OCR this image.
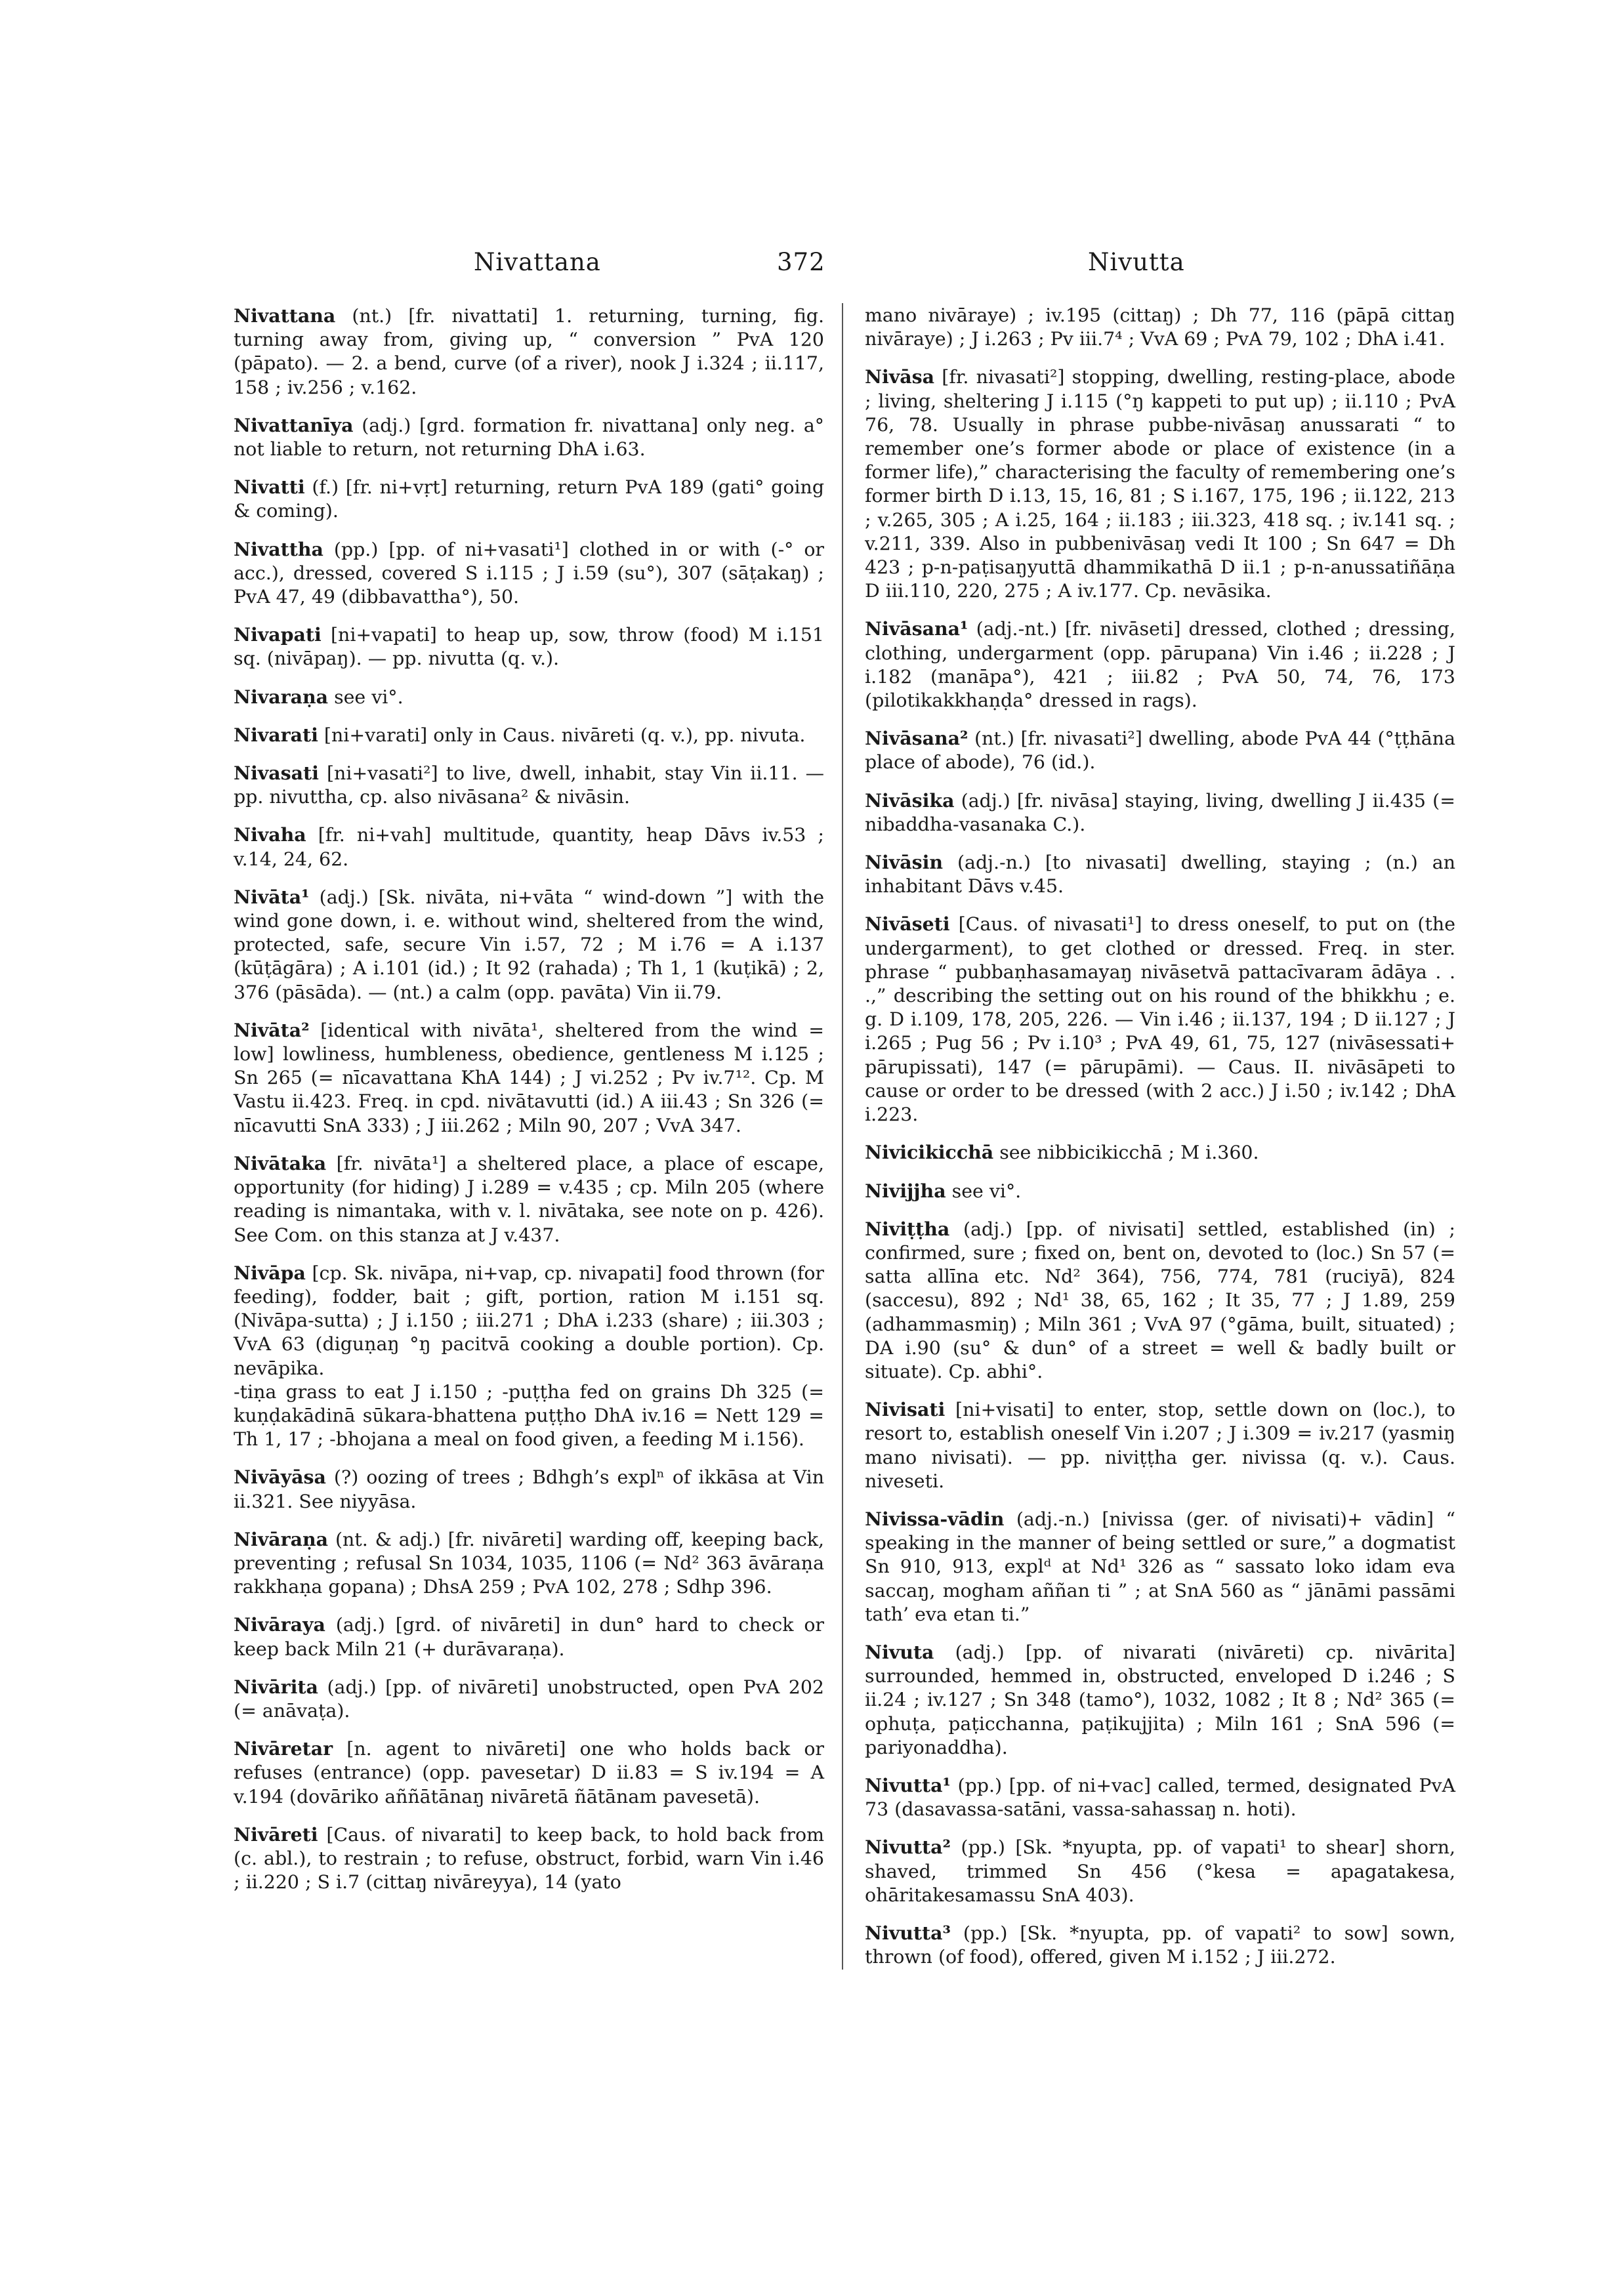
Nivattana	372	Nivutta

Nivattana (nt.) [fr. nivattati] 1. returning, turning, fig. turning away from, giving up, “ conversion ” PvA 120 (pāpato). — 2. a bend, curve (of a river), nook J i.324 ; ii.117, 158 ; iv.256 ; v.162.

Nivattanīya (adj.) [grd. formation fr. nivattana] only neg. a° not liable to return, not returning DhA i.63.

Nivatti (f.) [fr. ni+vṛt] returning, return PvA 189 (gati° going & coming).

Nivattha (pp.) [pp. of ni+vasati¹] clothed in or with (-° or acc.), dressed, covered S i.115 ; J i.59 (su°), 307 (sāṭakaŋ) ; PvA 47, 49 (dibbavattha°), 50.

Nivapati [ni+vapati] to heap up, sow, throw (food) M i.151 sq. (nivāpaŋ). — pp. nivutta (q. v.).

Nivaraṇa see vi°.

Nivarati [ni+varati] only in Caus. nivāreti (q. v.), pp. nivuta.

Nivasati [ni+vasati²] to live, dwell, inhabit, stay Vin ii.11. — pp. nivuttha, cp. also nivāsana² & nivāsin.

Nivaha [fr. ni+vah] multitude, quantity, heap Dāvs iv.53 ; v.14, 24, 62.

Nivāta¹ (adj.) [Sk. nivāta, ni+vāta “ wind-down ”] with the wind gone down, i. e. without wind, sheltered from the wind, protected, safe, secure Vin i.57, 72 ; M i.76 = A i.137 (kūṭāgāra) ; A i.101 (id.) ; It 92 (rahada) ; Th 1, 1 (kuṭikā) ; 2, 376 (pāsāda). — (nt.) a calm (opp. pavāta) Vin ii.79.

Nivāta² [identical with nivāta¹, sheltered from the wind = low] lowliness, humbleness, obedience, gentleness M i.125 ; Sn 265 (= nīcavattana KhA 144) ; J vi.252 ; Pv iv.7¹². Cp. M Vastu ii.423. Freq. in cpd. nivātavutti (id.) A iii.43 ; Sn 326 (= nīcavutti SnA 333) ; J iii.262 ; Miln 90, 207 ; VvA 347.

Nivātaka [fr. nivāta¹] a sheltered place, a place of escape, opportunity (for hiding) J i.289 = v.435 ; cp. Miln 205 (where reading is nimantaka, with v. l. nivātaka, see note on p. 426). See Com. on this stanza at J v.437.

Nivāpa [cp. Sk. nivāpa, ni+vap, cp. nivapati] food thrown (for feeding), fodder, bait ; gift, portion, ration M i.151 sq. (Nivāpa-sutta) ; J i.150 ; iii.271 ; DhA i.233 (share) ; iii.303 ; VvA 63 (diguṇaŋ °ŋ pacitvā cooking a double portion). Cp. nevāpika.

-tiṇa grass to eat J i.150 ; -puṭṭha fed on grains Dh 325 (= kuṇḍakādinā sūkara-bhattena puṭṭho DhA iv.16 = Nett 129 = Th 1, 17 ; -bhojana a meal on food given, a feeding M i.156).

Nivāyāsa (?) oozing of trees ; Bdhgh’s explⁿ of ikkāsa at Vin ii.321. See niyyāsa.

Nivāraṇa (nt. & adj.) [fr. nivāreti] warding off, keeping back, preventing ; refusal Sn 1034, 1035, 1106 (= Nd² 363 āvāraṇa rakkhaṇa gopana) ; DhsA 259 ; PvA 102, 278 ; Sdhp 396.

Nivāraya (adj.) [grd. of nivāreti] in dun° hard to check or keep back Miln 21 (+ durāvaraṇa).

Nivārita (adj.) [pp. of nivāreti] unobstructed, open PvA 202 (= anāvaṭa).

Nivāretar [n. agent to nivāreti] one who holds back or refuses (entrance) (opp. pavesetar) D ii.83 = S iv.194 = A v.194 (dovāriko aññātānaŋ nivāretā ñātānam pavesetā).

Nivāreti [Caus. of nivarati] to keep back, to hold back from (c. abl.), to restrain ; to refuse, obstruct, forbid, warn Vin i.46 ; ii.220 ; S i.7 (cittaŋ nivāreyya), 14 (yato

mano nivāraye) ; iv.195 (cittaŋ) ; Dh 77, 116 (pāpā cittaŋ nivāraye) ; J i.263 ; Pv iii.7⁴ ; VvA 69 ; PvA 79, 102 ; DhA i.41.

Nivāsa [fr. nivasati²] stopping, dwelling, resting-place, abode ; living, sheltering J i.115 (°ŋ kappeti to put up) ; ii.110 ; PvA 76, 78. Usually in phrase pubbe-nivāsaŋ anussarati “ to remember one’s former abode or place of existence (in a former life),” characterising the faculty of remembering one’s former birth D i.13, 15, 16, 81 ; S i.167, 175, 196 ; ii.122, 213 ; v.265, 305 ; A i.25, 164 ; ii.183 ; iii.323, 418 sq. ; iv.141 sq. ; v.211, 339. Also in pubbenivāsaŋ vedi It 100 ; Sn 647 = Dh 423 ; p-n-paṭisaŋyuttā dhammikathā D ii.1 ; p-n-anussatiñāṇa D iii.110, 220, 275 ; A iv.177. Cp. nevāsika.

Nivāsana¹ (adj.-nt.) [fr. nivāseti] dressed, clothed ; dressing, clothing, undergarment (opp. pārupana) Vin i.46 ; ii.228 ; J i.182 (manāpa°), 421 ; iii.82 ; PvA 50, 74, 76, 173 (pilotikakkhaṇḍa° dressed in rags).

Nivāsana² (nt.) [fr. nivasati²] dwelling, abode PvA 44 (°ṭṭhāna place of abode), 76 (id.).

Nivāsika (adj.) [fr. nivāsa] staying, living, dwelling J ii.435 (= nibaddha-vasanaka C.).

Nivāsin (adj.-n.) [to nivasati] dwelling, staying ; (n.) an inhabitant Dāvs v.45.

Nivāseti [Caus. of nivasati¹] to dress oneself, to put on (the undergarment), to get clothed or dressed. Freq. in ster. phrase “ pubbaṇhasamayaŋ nivāsetvā pattacīvaram ādāya . . .,” describing the setting out on his round of the bhikkhu ; e. g. D i.109, 178, 205, 226. — Vin i.46 ; ii.137, 194 ; D ii.127 ; J i.265 ; Pug 56 ; Pv i.10³ ; PvA 49, 61, 75, 127 (nivāsessati+ pārupissati), 147 (= pārupāmi). — Caus. II. nivāsāpeti to cause or order to be dressed (with 2 acc.) J i.50 ; iv.142 ; DhA i.223.

Nivicikicchā see nibbicikicchā ; M i.360.

Nivijjha see vi°.

Niviṭṭha (adj.) [pp. of nivisati] settled, established (in) ; confirmed, sure ; fixed on, bent on, devoted to (loc.) Sn 57 (= satta allīna etc. Nd² 364), 756, 774, 781 (ruciyā), 824 (saccesu), 892 ; Nd¹ 38, 65, 162 ; It 35, 77 ; J 1.89, 259 (adhammasmiŋ) ; Miln 361 ; VvA 97 (°gāma, built, situated) ; DA i.90 (su° & dun° of a street = well & badly built or situate). Cp. abhi°.

Nivisati [ni+visati] to enter, stop, settle down on (loc.), to resort to, establish oneself Vin i.207 ; J i.309 = iv.217 (yasmiŋ mano nivisati). — pp. niviṭṭha ger. nivissa (q. v.). Caus. niveseti.

Nivissa-vādin (adj.-n.) [nivissa (ger. of nivisati)+ vādin] “ speaking in the manner of being settled or sure,” a dogmatist Sn 910, 913, explᵈ at Nd¹ 326 as “ sassato loko idam eva saccaŋ, mogham aññan ti ” ; at SnA 560 as “ jānāmi passāmi tath’ eva etan ti.”

Nivuta (adj.) [pp. of nivarati (nivāreti) cp. nivārita] surrounded, hemmed in, obstructed, enveloped D i.246 ; S ii.24 ; iv.127 ; Sn 348 (tamo°), 1032, 1082 ; It 8 ; Nd² 365 (= ophuṭa, paṭicchanna, paṭikujjita) ; Miln 161 ; SnA 596 (= pariyonaddha).

Nivutta¹ (pp.) [pp. of ni+vac] called, termed, designated PvA 73 (dasavassa-satāni, vassa-sahassaŋ n. hoti).

Nivutta² (pp.) [Sk. *nyupta, pp. of vapati¹ to shear] shorn, shaved, trimmed Sn 456 (°kesa = apagatakesa, ohāritakesamassu SnA 403).

Nivutta³ (pp.) [Sk. *nyupta, pp. of vapati² to sow] sown, thrown (of food), offered, given M i.152 ; J iii.272.
